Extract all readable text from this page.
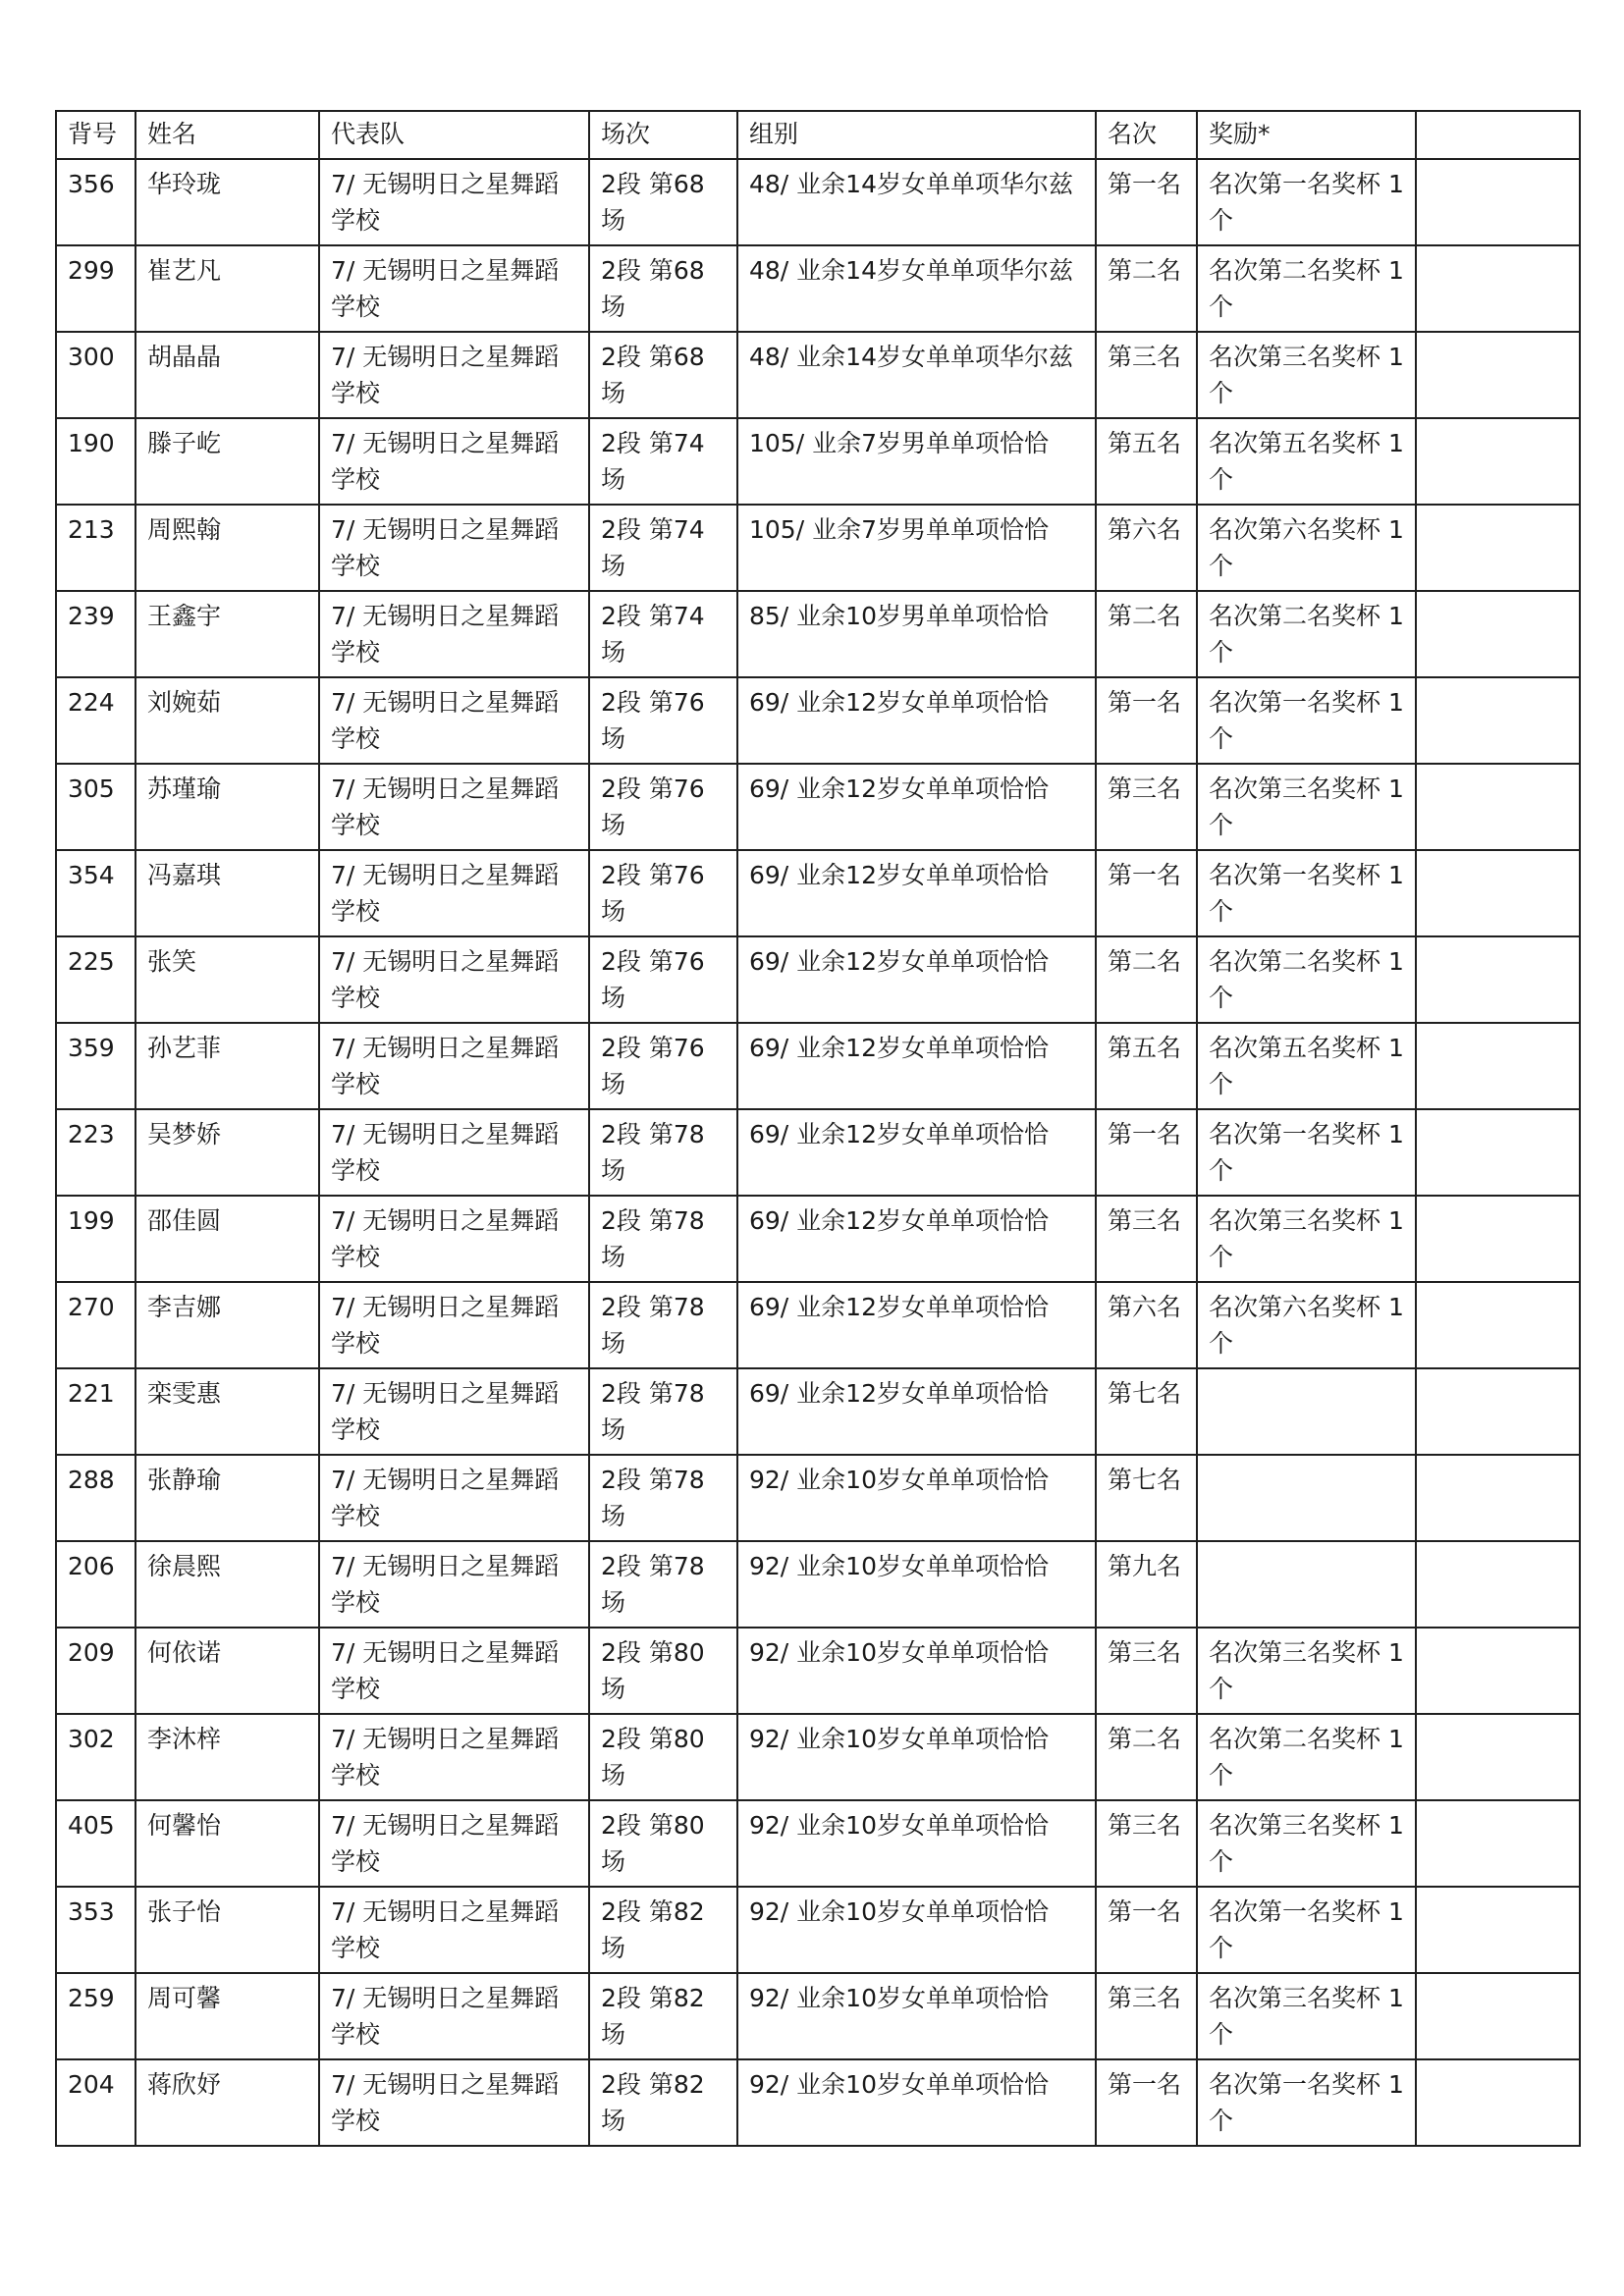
背号	姓名	代表队	场次	组别	名次	奖励*	
356	华玲珑	7/ 无锡明日之星舞蹈学校	2段 第68场	48/ 业余14岁女单单项华尔兹	第一名	名次第一名奖杯 1 个	
299	崔艺凡	7/ 无锡明日之星舞蹈学校	2段 第68场	48/ 业余14岁女单单项华尔兹	第二名	名次第二名奖杯 1 个	
300	胡晶晶	7/ 无锡明日之星舞蹈学校	2段 第68场	48/ 业余14岁女单单项华尔兹	第三名	名次第三名奖杯 1 个	
190	滕子屹	7/ 无锡明日之星舞蹈学校	2段 第74场	105/ 业余7岁男单单项恰恰	第五名	名次第五名奖杯 1 个	
213	周熙翰	7/ 无锡明日之星舞蹈学校	2段 第74场	105/ 业余7岁男单单项恰恰	第六名	名次第六名奖杯 1 个	
239	王鑫宇	7/ 无锡明日之星舞蹈学校	2段 第74场	85/ 业余10岁男单单项恰恰	第二名	名次第二名奖杯 1 个	
224	刘婉茹	7/ 无锡明日之星舞蹈学校	2段 第76场	69/ 业余12岁女单单项恰恰	第一名	名次第一名奖杯 1 个	
305	苏瑾瑜	7/ 无锡明日之星舞蹈学校	2段 第76场	69/ 业余12岁女单单项恰恰	第三名	名次第三名奖杯 1 个	
354	冯嘉琪	7/ 无锡明日之星舞蹈学校	2段 第76场	69/ 业余12岁女单单项恰恰	第一名	名次第一名奖杯 1 个	
225	张笑	7/ 无锡明日之星舞蹈学校	2段 第76场	69/ 业余12岁女单单项恰恰	第二名	名次第二名奖杯 1 个	
359	孙艺菲	7/ 无锡明日之星舞蹈学校	2段 第76场	69/ 业余12岁女单单项恰恰	第五名	名次第五名奖杯 1 个	
223	吴梦娇	7/ 无锡明日之星舞蹈学校	2段 第78场	69/ 业余12岁女单单项恰恰	第一名	名次第一名奖杯 1 个	
199	邵佳圆	7/ 无锡明日之星舞蹈学校	2段 第78场	69/ 业余12岁女单单项恰恰	第三名	名次第三名奖杯 1 个	
270	李吉娜	7/ 无锡明日之星舞蹈学校	2段 第78场	69/ 业余12岁女单单项恰恰	第六名	名次第六名奖杯 1 个	
221	栾雯惠	7/ 无锡明日之星舞蹈学校	2段 第78场	69/ 业余12岁女单单项恰恰	第七名		
288	张静瑜	7/ 无锡明日之星舞蹈学校	2段 第78场	92/ 业余10岁女单单项恰恰	第七名		
206	徐晨熙	7/ 无锡明日之星舞蹈学校	2段 第78场	92/ 业余10岁女单单项恰恰	第九名		
209	何依诺	7/ 无锡明日之星舞蹈学校	2段 第80场	92/ 业余10岁女单单项恰恰	第三名	名次第三名奖杯 1 个	
302	李沐梓	7/ 无锡明日之星舞蹈学校	2段 第80场	92/ 业余10岁女单单项恰恰	第二名	名次第二名奖杯 1 个	
405	何馨怡	7/ 无锡明日之星舞蹈学校	2段 第80场	92/ 业余10岁女单单项恰恰	第三名	名次第三名奖杯 1 个	
353	张子怡	7/ 无锡明日之星舞蹈学校	2段 第82场	92/ 业余10岁女单单项恰恰	第一名	名次第一名奖杯 1 个	
259	周可馨	7/ 无锡明日之星舞蹈学校	2段 第82场	92/ 业余10岁女单单项恰恰	第三名	名次第三名奖杯 1 个	
204	蒋欣妤	7/ 无锡明日之星舞蹈学校	2段 第82场	92/ 业余10岁女单单项恰恰	第一名	名次第一名奖杯 1 个	
